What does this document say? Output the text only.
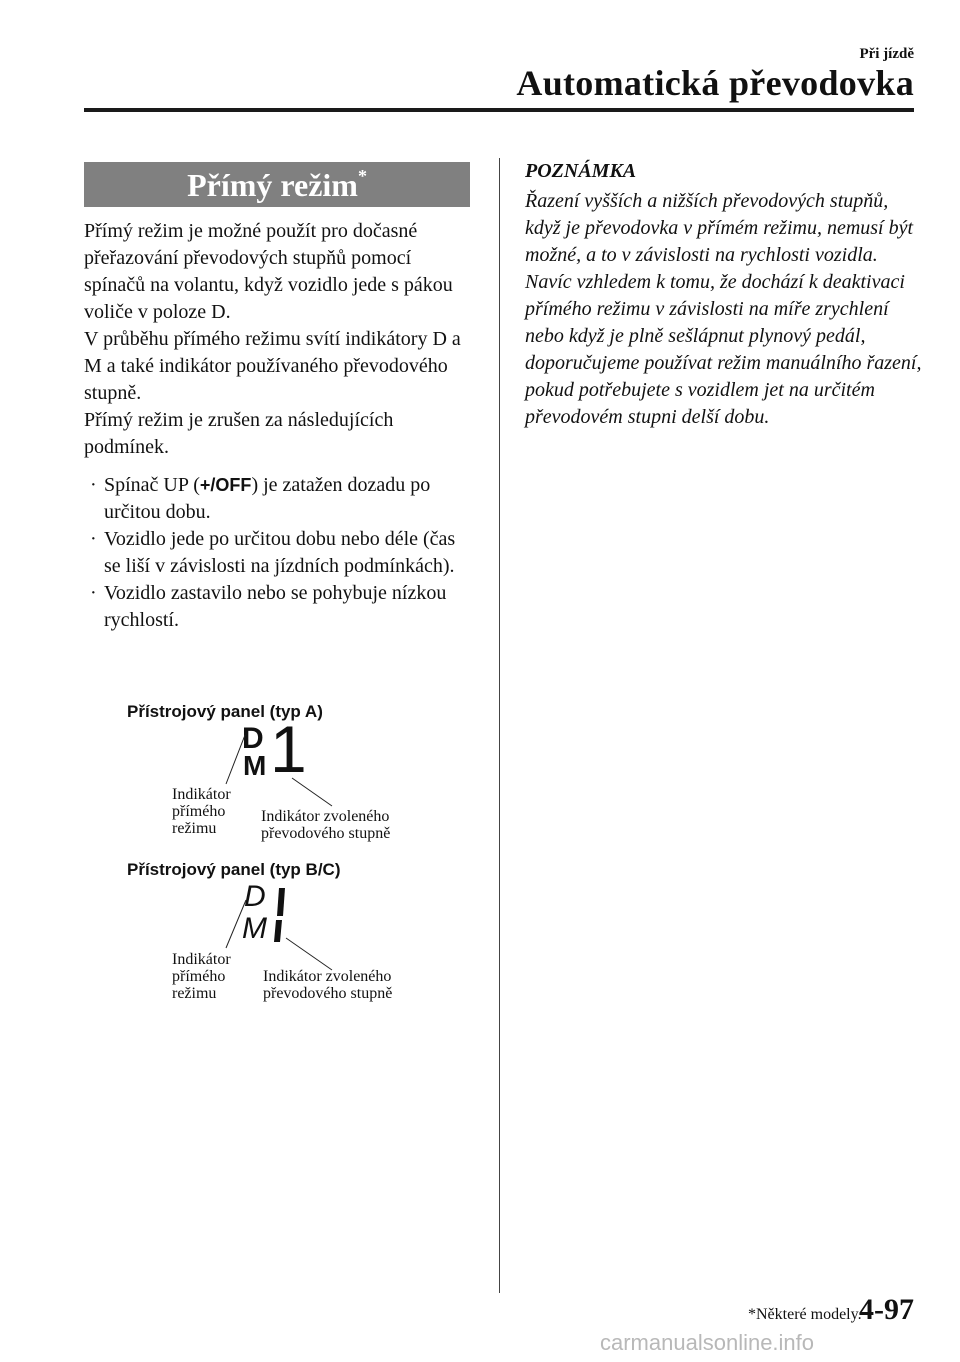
Při jízdě
Automatická převodovka
Přímý režim*

Přímý režim je možné použít pro dočasné přeřazování převodových stupňů pomocí spínačů na volantu, když vozidlo jede s pákou voliče v poloze D.

V průběhu přímého režimu svítí indikátory D a M a také indikátor používaného převodového stupně.

Přímý režim je zrušen za následujících podmínek.

· Spínač UP (+/OFF) je zatažen dozadu po určitou dobu.
· Vozidlo jede po určitou dobu nebo déle (čas se liší v závislosti na jízdních podmínkách).
· Vozidlo zastavilo nebo se pohybuje nízkou rychlostí.
POZNÁMKA
Řazení vyšších a nižších převodových stupňů, když je převodovka v přímém režimu, nemusí být možné, a to v závislosti na rychlosti vozidla. Navíc vzhledem k tomu, že dochází k deaktivaci přímého režimu v závislosti na míře zrychlení nebo když je plně sešlápnut plynový pedál, doporučujeme používat režim manuálního řazení, pokud potřebujete s vozidlem jet na určitém převodovém stupni delší dobu.
Přístrojový panel (typ A)
D
M 1
Indikátor
přímého
režimu
Indikátor zvoleného
převodového stupně
Přístrojový panel (typ B/C)
D
M
Indikátor
přímého
režimu
Indikátor zvoleného
převodového stupně
*Některé modely.
4-97
carmanualsonline.info
